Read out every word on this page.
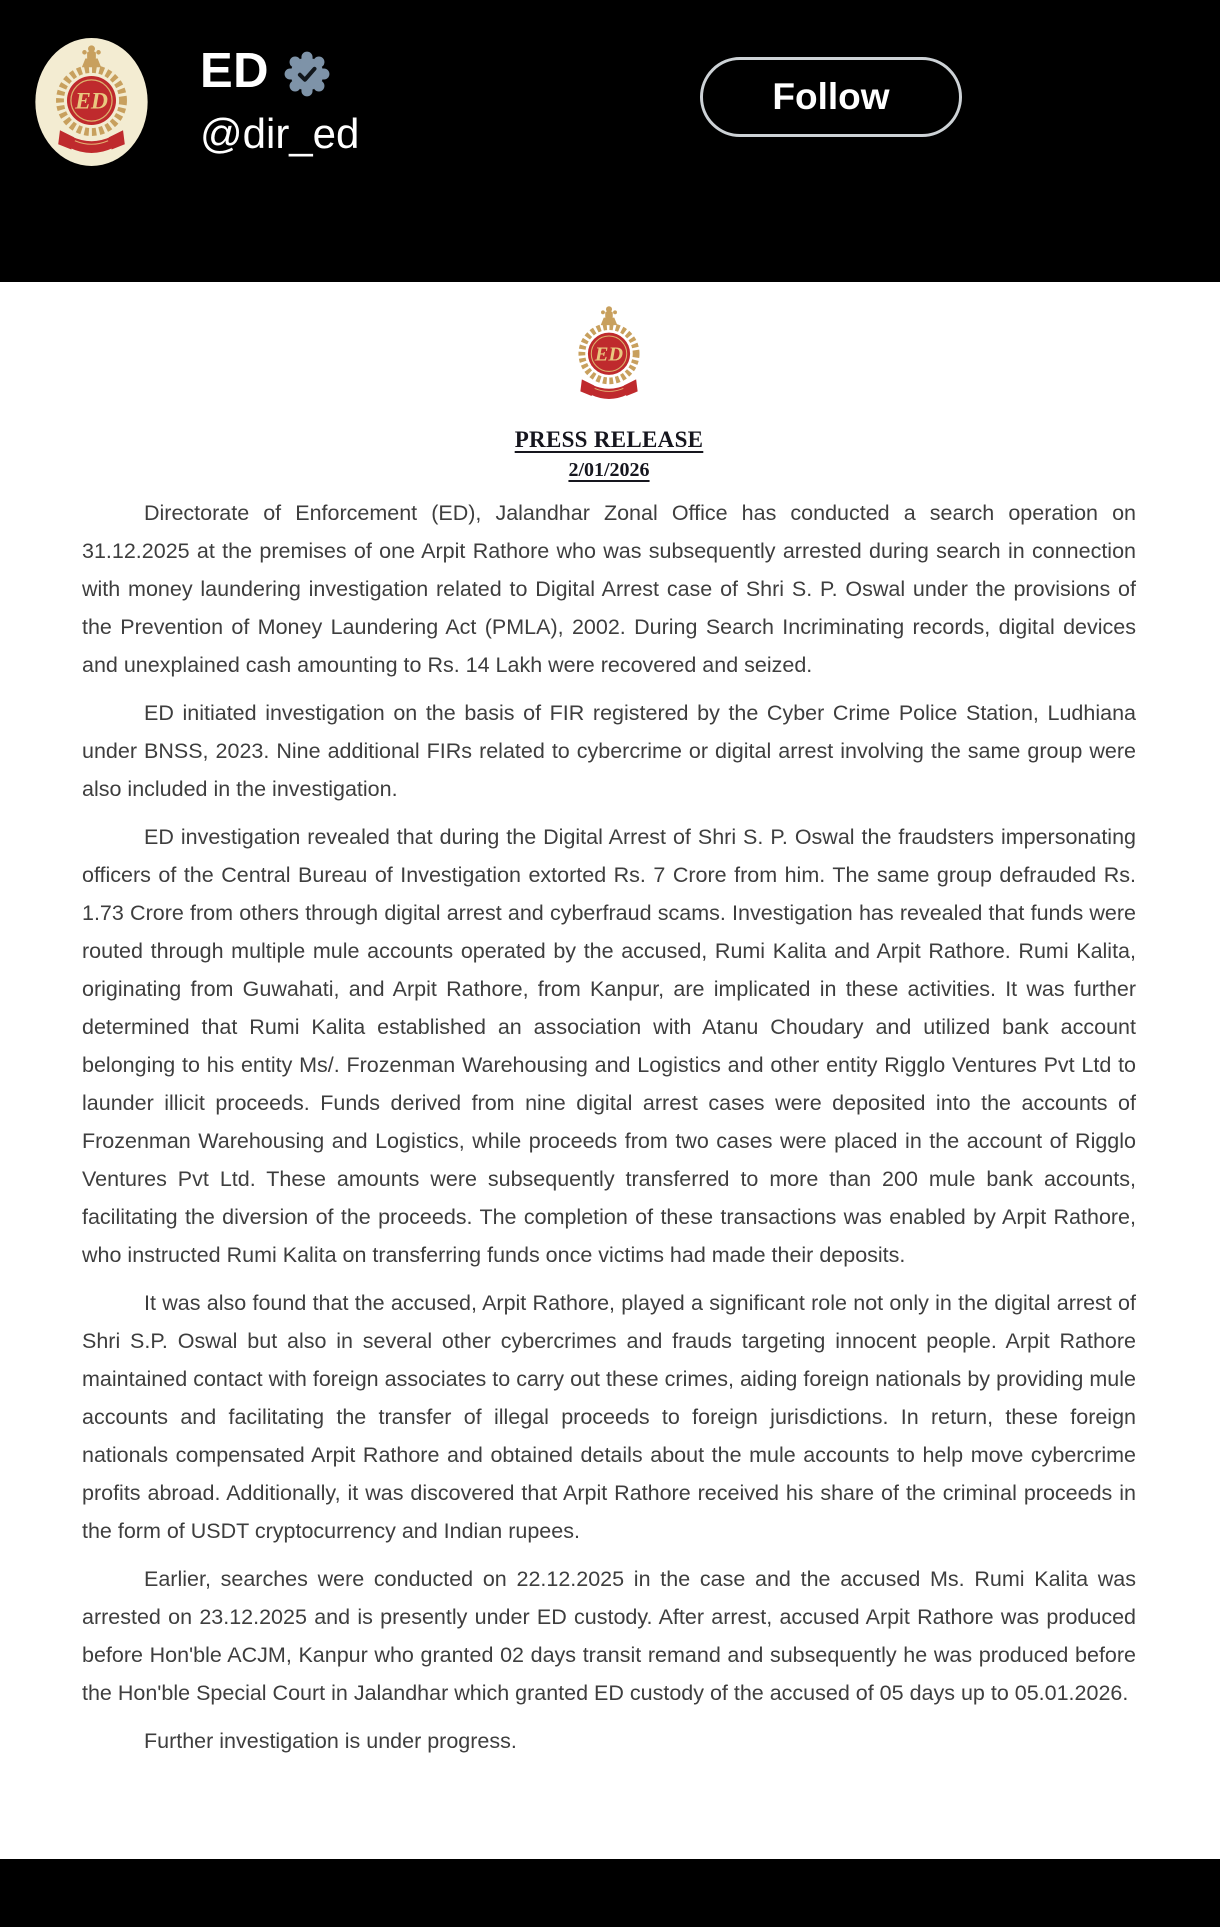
ED
@dir_ed
Follow
PRESS RELEASE
2/01/2026

Directorate of Enforcement (ED), Jalandhar Zonal Office has conducted a search operation on 31.12.2025 at the premises of one Arpit Rathore who was subsequently arrested during search in connection with money laundering investigation related to Digital Arrest case of Shri S. P. Oswal under the provisions of the Prevention of Money Laundering Act (PMLA), 2002. During Search Incriminating records, digital devices and unexplained cash amounting to Rs. 14 Lakh were recovered and seized.

ED initiated investigation on the basis of FIR registered by the Cyber Crime Police Station, Ludhiana under BNSS, 2023. Nine additional FIRs related to cybercrime or digital arrest involving the same group were also included in the investigation.

ED investigation revealed that during the Digital Arrest of Shri S. P. Oswal the fraudsters impersonating officers of the Central Bureau of Investigation extorted Rs. 7 Crore from him. The same group defrauded Rs. 1.73 Crore from others through digital arrest and cyberfraud scams. Investigation has revealed that funds were routed through multiple mule accounts operated by the accused, Rumi Kalita and Arpit Rathore. Rumi Kalita, originating from Guwahati, and Arpit Rathore, from Kanpur, are implicated in these activities. It was further determined that Rumi Kalita established an association with Atanu Choudary and utilized bank account belonging to his entity Ms/. Frozenman Warehousing and Logistics and other entity Rigglo Ventures Pvt Ltd to launder illicit proceeds. Funds derived from nine digital arrest cases were deposited into the accounts of Frozenman Warehousing and Logistics, while proceeds from two cases were placed in the account of Rigglo Ventures Pvt Ltd. These amounts were subsequently transferred to more than 200 mule bank accounts, facilitating the diversion of the proceeds. The completion of these transactions was enabled by Arpit Rathore, who instructed Rumi Kalita on transferring funds once victims had made their deposits.

It was also found that the accused, Arpit Rathore, played a significant role not only in the digital arrest of Shri S.P. Oswal but also in several other cybercrimes and frauds targeting innocent people. Arpit Rathore maintained contact with foreign associates to carry out these crimes, aiding foreign nationals by providing mule accounts and facilitating the transfer of illegal proceeds to foreign jurisdictions. In return, these foreign nationals compensated Arpit Rathore and obtained details about the mule accounts to help move cybercrime profits abroad. Additionally, it was discovered that Arpit Rathore received his share of the criminal proceeds in the form of USDT cryptocurrency and Indian rupees.

Earlier, searches were conducted on 22.12.2025 in the case and the accused Ms. Rumi Kalita was arrested on 23.12.2025 and is presently under ED custody. After arrest, accused Arpit Rathore was produced before Hon'ble ACJM, Kanpur who granted 02 days transit remand and subsequently he was produced before the Hon'ble Special Court in Jalandhar which granted ED custody of the accused of 05 days up to 05.01.2026.

Further investigation is under progress.
